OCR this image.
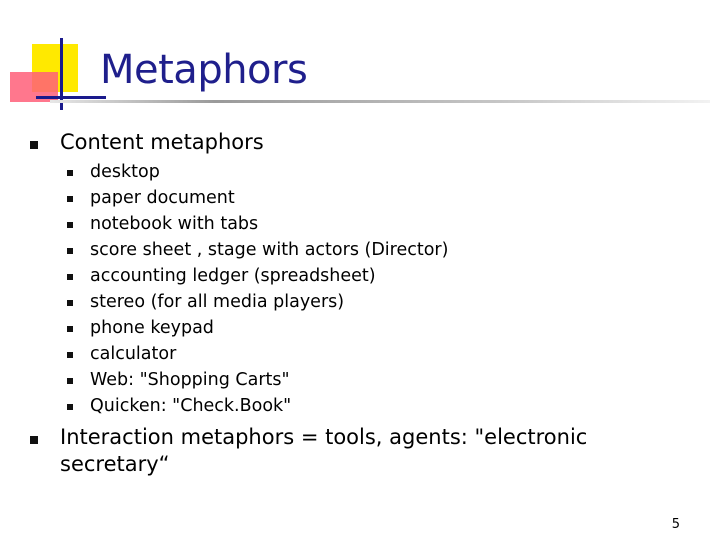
Metaphors
Content metaphors
desktop
paper document
notebook with tabs
score sheet , stage with actors (Director)
accounting ledger (spreadsheet)
stereo (for all media players)
phone keypad
calculator
Web: "Shopping Carts"
Quicken: "Check.Book"
Interaction metaphors = tools, agents: "electronic
secretary“
5
